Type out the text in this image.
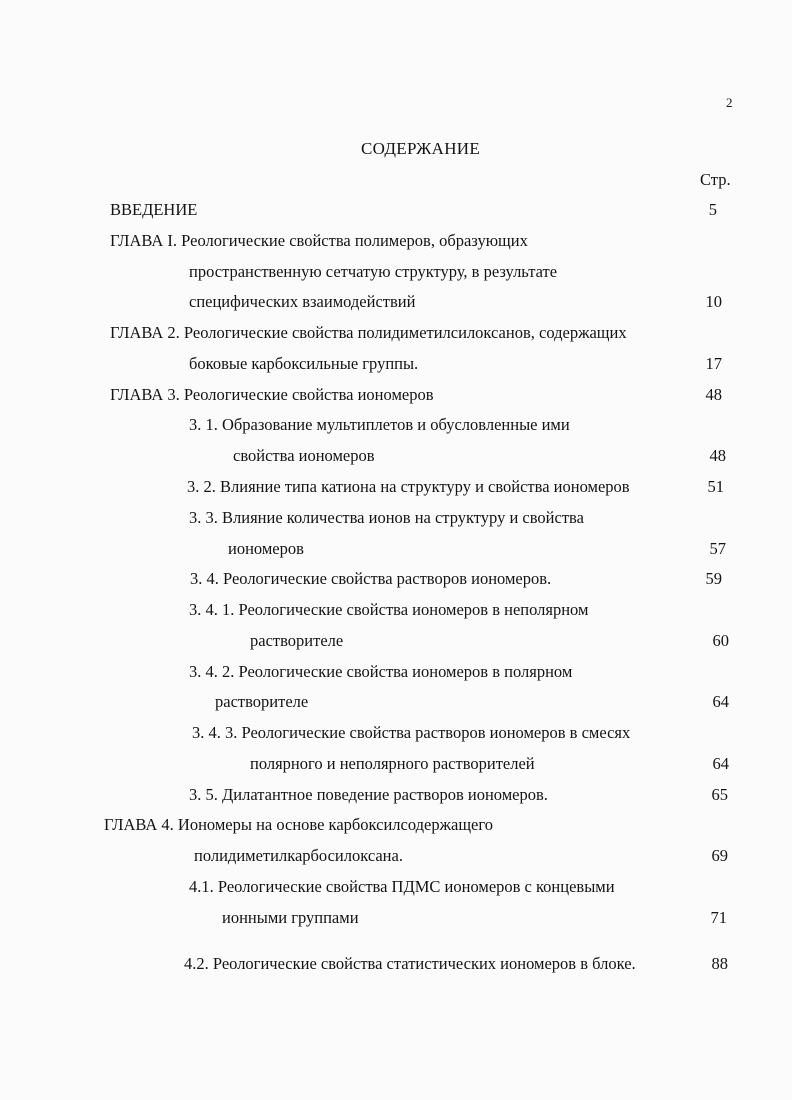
2
СОДЕРЖАНИЕ
Стр.
ВВЕДЕНИЕ	5
ГЛАВА I. Реологические свойства полимеров, образующих
пространственную сетчатую структуру, в результате
специфических взаимодействий	10
ГЛАВА 2. Реологические свойства полидиметилсилоксанов, содержащих
боковые карбоксильные группы.	17
ГЛАВА 3. Реологические свойства иономеров	48
3. 1. Образование мультиплетов и обусловленные ими
свойства иономеров	48
3. 2. Влияние типа катиона на структуру и свойства иономеров	51
3. 3. Влияние количества ионов на структуру и свойства
иономеров	57
3. 4. Реологические свойства растворов иономеров.	59
3. 4. 1. Реологические свойства иономеров в неполярном
растворителе	60
3. 4. 2. Реологические свойства иономеров в полярном
растворителе	64
3. 4. 3. Реологические свойства растворов иономеров в смесях
полярного и неполярного растворителей	64
3. 5. Дилатантное поведение растворов иономеров.	65
ГЛАВА 4. Иономеры на основе карбоксилсодержащего
полидиметилкарбосилоксана.	69
4.1. Реологические свойства ПДМС иономеров с концевыми
ионными группами	71
4.2. Реологические свойства статистических иономеров в блоке.	88
